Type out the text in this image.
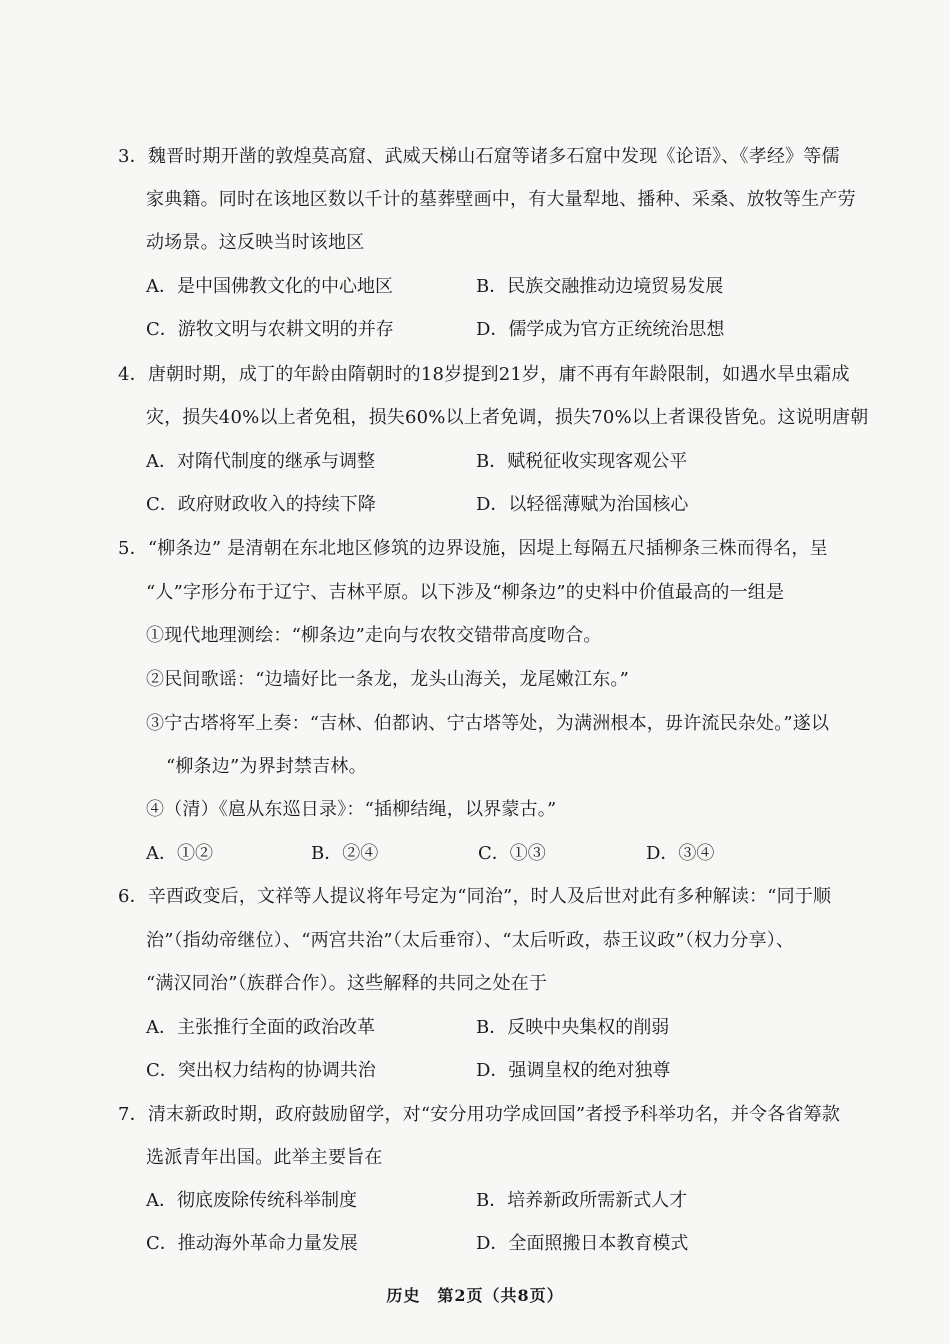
3．魏晋时期开凿的敦煌莫高窟、武威天梯山石窟等诸多石窟中发现《论语》、《孝经》等儒
家典籍。同时在该地区数以千计的墓葬壁画中，有大量犁地、播种、采桑、放牧等生产劳
动场景。这反映当时该地区
A．是中国佛教文化的中心地区	B．民族交融推动边境贸易发展
C．游牧文明与农耕文明的并存	D．儒学成为官方正统统治思想
4．唐朝时期，成丁的年龄由隋朝时的18岁提到21岁，庸不再有年龄限制，如遇水旱虫霜成
灾，损失40%以上者免租，损失60%以上者免调，损失70%以上者课役皆免。这说明唐朝
A．对隋代制度的继承与调整	B．赋税征收实现客观公平
C．政府财政收入的持续下降	D．以轻徭薄赋为治国核心
5．“柳条边” 是清朝在东北地区修筑的边界设施，因堤上每隔五尺插柳条三株而得名，呈
“人”字形分布于辽宁、吉林平原。以下涉及“柳条边”的史料中价值最高的一组是
①现代地理测绘：“柳条边”走向与农牧交错带高度吻合。
②民间歌谣：“边墙好比一条龙，龙头山海关，龙尾嫩江东。”
③宁古塔将军上奏：“吉林、伯都讷、宁古塔等处，为满洲根本，毋许流民杂处。”遂以
“柳条边”为界封禁吉林。
④（清）《扈从东巡日录》：“插柳结绳，以界蒙古。”
A．①②	B．②④	C．①③	D．③④
6．辛酉政变后，文祥等人提议将年号定为“同治”，时人及后世对此有多种解读：“同于顺
治”（指幼帝继位）、“两宫共治”（太后垂帘）、“太后听政，恭王议政”（权力分享）、
“满汉同治”（族群合作）。这些解释的共同之处在于
A．主张推行全面的政治改革	B．反映中央集权的削弱
C．突出权力结构的协调共治	D．强调皇权的绝对独尊
7．清末新政时期，政府鼓励留学，对“安分用功学成回国”者授予科举功名，并令各省筹款
选派青年出国。此举主要旨在
A．彻底废除传统科举制度	B．培养新政所需新式人才
C．推动海外革命力量发展	D．全面照搬日本教育模式
历史　第2页（共8页）
